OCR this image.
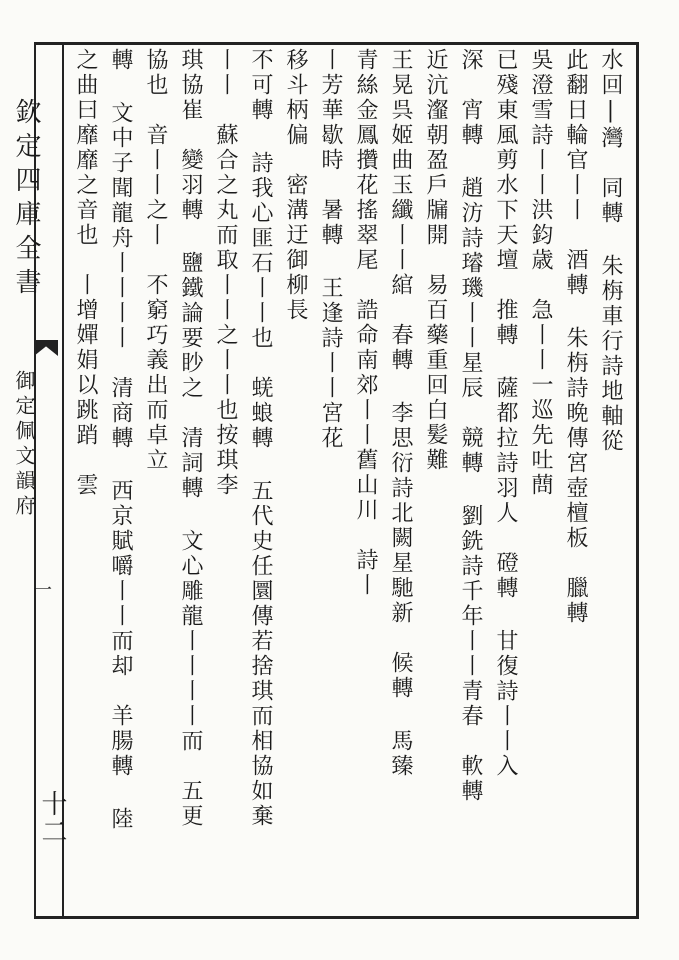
欽定四庫全書
御定佩文韻府
一
十二
水回|灣　同轉 朱栴車行詩地軸從
此翻日輪官丨丨　酒轉 朱栴詩晩傳宮壺檀板　臘轉
吳澄雪詩丨丨洪鈞歳　急丨丨一巡先吐蔄
已殘東風剪水下天壇　推轉 薩都拉詩羽人　磴轉 甘復詩丨丨入
深　宵轉 趙汸詩璿璣丨丨星辰　競轉 劉銑詩千年丨丨青春　軟轉
近沆瀣朝盈戶牖開　易百藥重回白髪難
王晃呉姬曲玉纖丨丨綰　春轉 李思衍詩北闕星馳新　候轉 馬臻
青絲金鳳攢花搖翠尾　誥命南郊丨丨舊山川　詩丨
丨芳華歇時　暑轉 王逢詩丨丨宮花
移斗柄偏　密溝迂御柳長
不可轉 詩我心匪石丨丨也　蜣蜋轉 五代史任圜傳若捨琪而相協如棄
丨丨　蘇合之丸而取丨丨之丨丨也按琪李
琪協崔　變羽轉 鹽鐵論要眇之　清詞轉 文心雕龍丨丨丨丨而　五更
協也　音丨丨之丨　不窮巧義出而卓立
轉 文中子聞龍舟丨丨丨丨　清商轉 西京賦嚼丨丨而却　羊腸轉 陸
之曲曰靡靡之音也　丨增嬋娟以跳踃　雲
